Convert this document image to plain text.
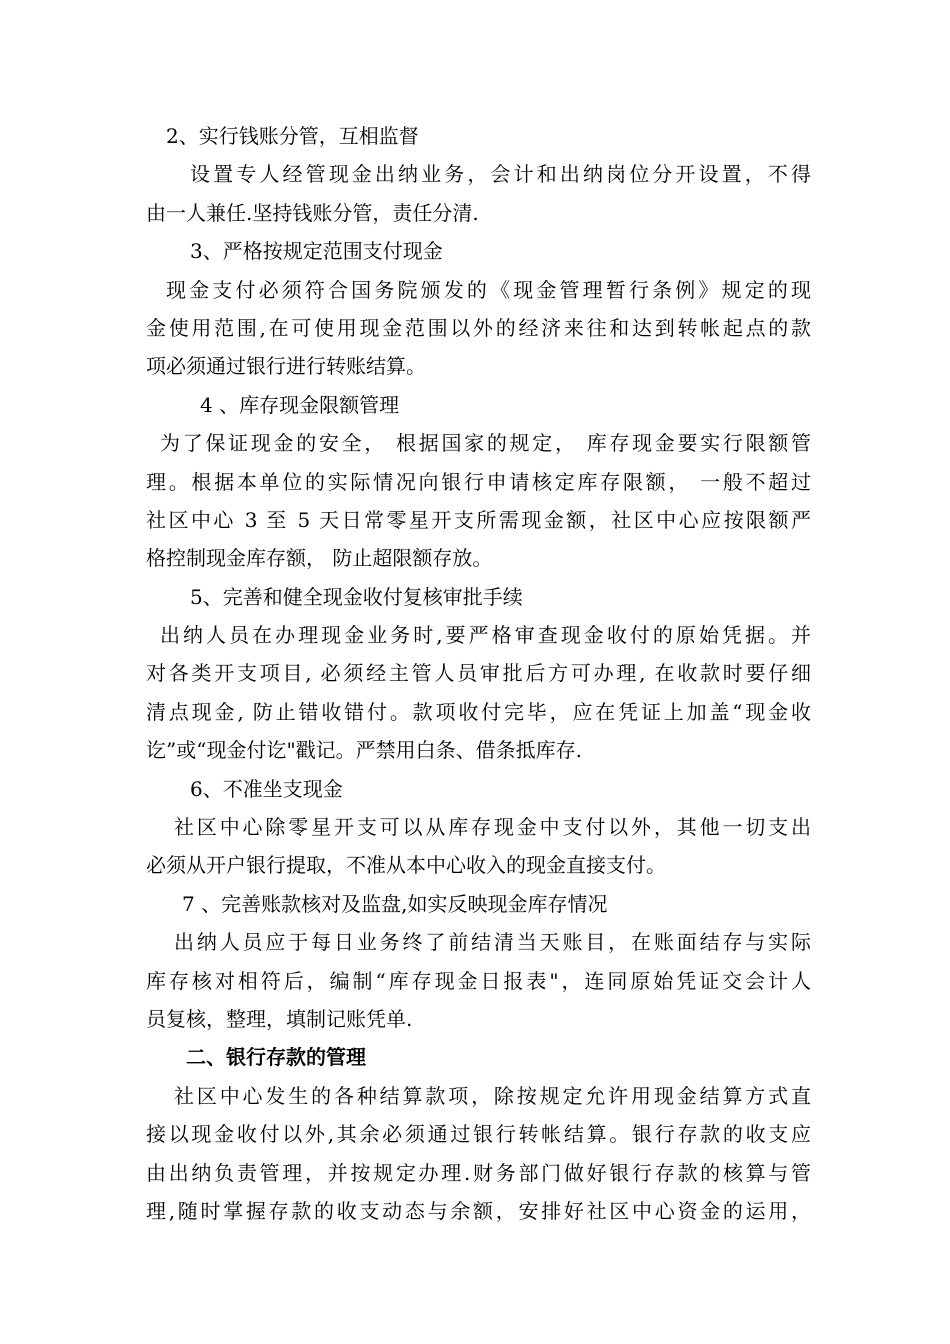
2、实行钱账分管，互相监督
设置专人经管现金出纳业务，会计和出纳岗位分开设置，不得
由一人兼任.坚持钱账分管，责任分清.
3、严格按规定范围支付现金
现金支付必须符合国务院颁发的《现金管理暂行条例》规定的现
金使用范围,在可使用现金范围以外的经济来往和达到转帐起点的款
项必须通过银行进行转账结算。
4 、库存现金限额管理
为了保证现金的安全， 根据国家的规定， 库存现金要实行限额管
理。根据本单位的实际情况向银行申请核定库存限额， 一般不超过
社区中心 3 至 5 天日常零星开支所需现金额，社区中心应按限额严
格控制现金库存额， 防止超限额存放。
5、完善和健全现金收付复核审批手续
出纳人员在办理现金业务时,要严格审查现金收付的原始凭据。并
对各类开支项目, 必须经主管人员审批后方可办理, 在收款时要仔细
清点现金, 防止错收错付。款项收付完毕，应在凭证上加盖“现金收
讫”或“现金付讫"戳记。严禁用白条、借条抵库存.
6、不准坐支现金
社区中心除零星开支可以从库存现金中支付以外，其他一切支出
必须从开户银行提取，不准从本中心收入的现金直接支付。
7 、完善账款核对及监盘,如实反映现金库存情况
出纳人员应于每日业务终了前结清当天账目，在账面结存与实际
库存核对相符后，编制“库存现金日报表"，连同原始凭证交会计人
员复核，整理，填制记账凭单.
二、银行存款的管理
社区中心发生的各种结算款项，除按规定允许用现金结算方式直
接以现金收付以外,其余必须通过银行转帐结算。银行存款的收支应
由出纳负责管理，并按规定办理.财务部门做好银行存款的核算与管
理,随时掌握存款的收支动态与余额，安排好社区中心资金的运用，
